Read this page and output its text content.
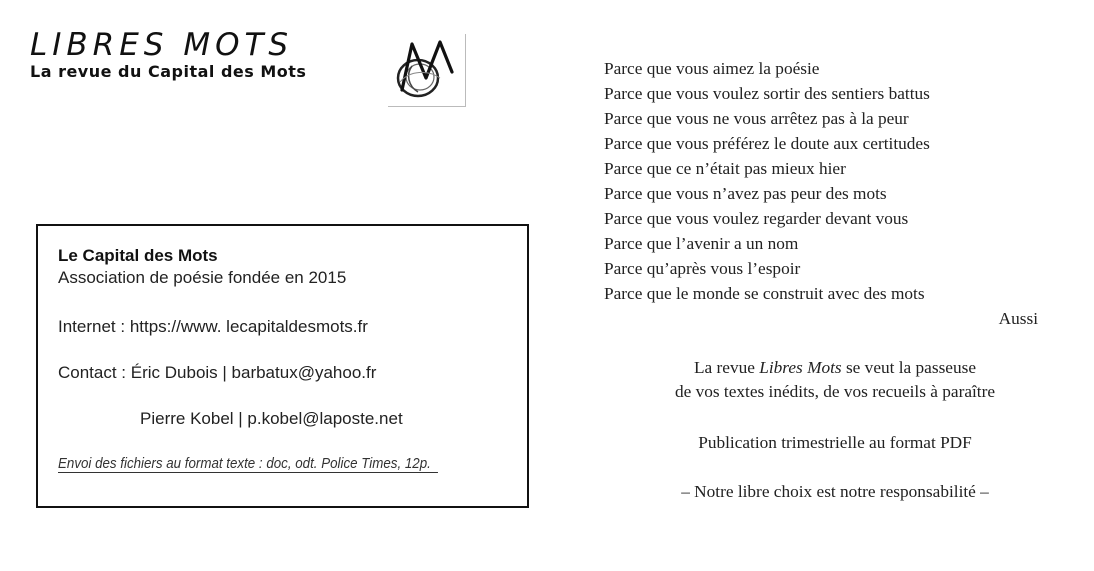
LIBRES MOTS
La revue du Capital des Mots
Le Capital des Mots
Association de poésie fondée en 2015
Internet : https://www. lecapitaldesmots.fr
Contact : Éric Dubois | barbatux@yahoo.fr
Pierre Kobel | p.kobel@laposte.net
Envoi des fichiers au format texte : doc, odt. Police Times, 12p.
Parce que vous aimez la poésie
Parce que vous voulez sortir des sentiers battus
Parce que vous ne vous arrêtez pas à la peur
Parce que vous préférez le doute aux certitudes
Parce que ce n’était pas mieux hier
Parce que vous n’avez pas peur des mots
Parce que vous voulez regarder devant vous
Parce que l’avenir a un nom
Parce qu’après vous l’espoir
Parce que le monde se construit avec des mots
Aussi
La revue Libres Mots se veut la passeuse
de vos textes inédits, de vos recueils à paraître
Publication trimestrielle au format PDF
– Notre libre choix est notre responsabilité –
